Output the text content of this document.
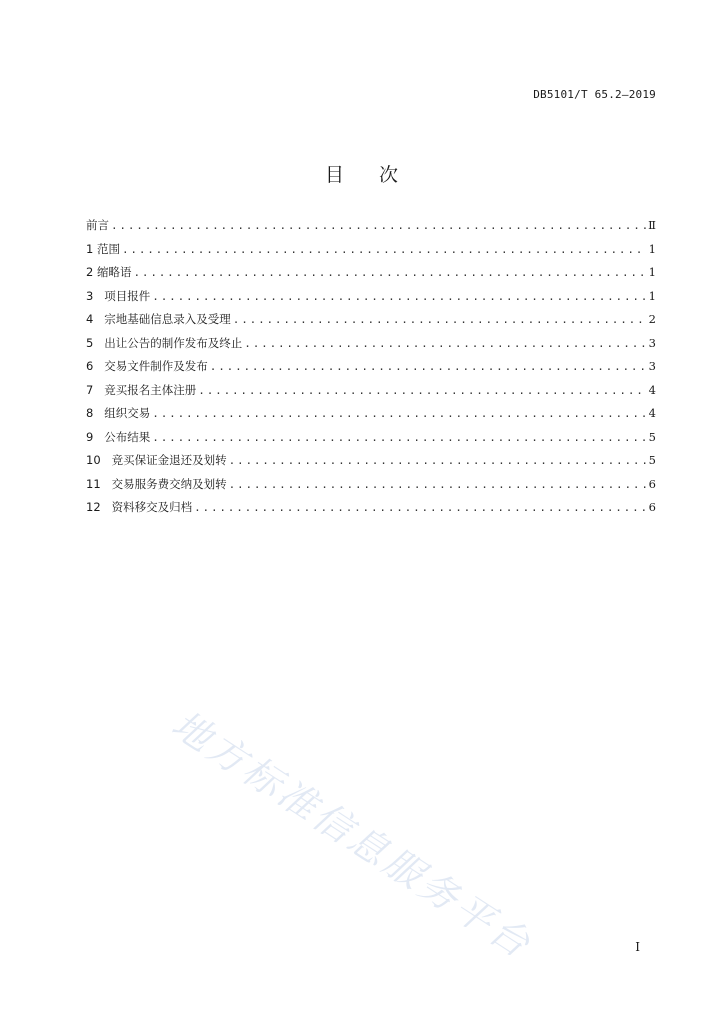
DB5101/T 65.2—2019
目 次
前言 .....	Ⅱ
1 范围 .....	1
2 缩略语 .....	1
3 项目报件 .....	1
4 宗地基础信息录入及受理 .....	2
5 出让公告的制作发布及终止 .....	3
6 交易文件制作及发布 .....	3
7 竞买报名主体注册 .....	4
8 组织交易 .....	4
9 公布结果 .....	5
10 竞买保证金退还及划转 .....	5
11 交易服务费交纳及划转 .....	6
12 资料移交及归档 .....	6
地方标准信息服务平台	I
